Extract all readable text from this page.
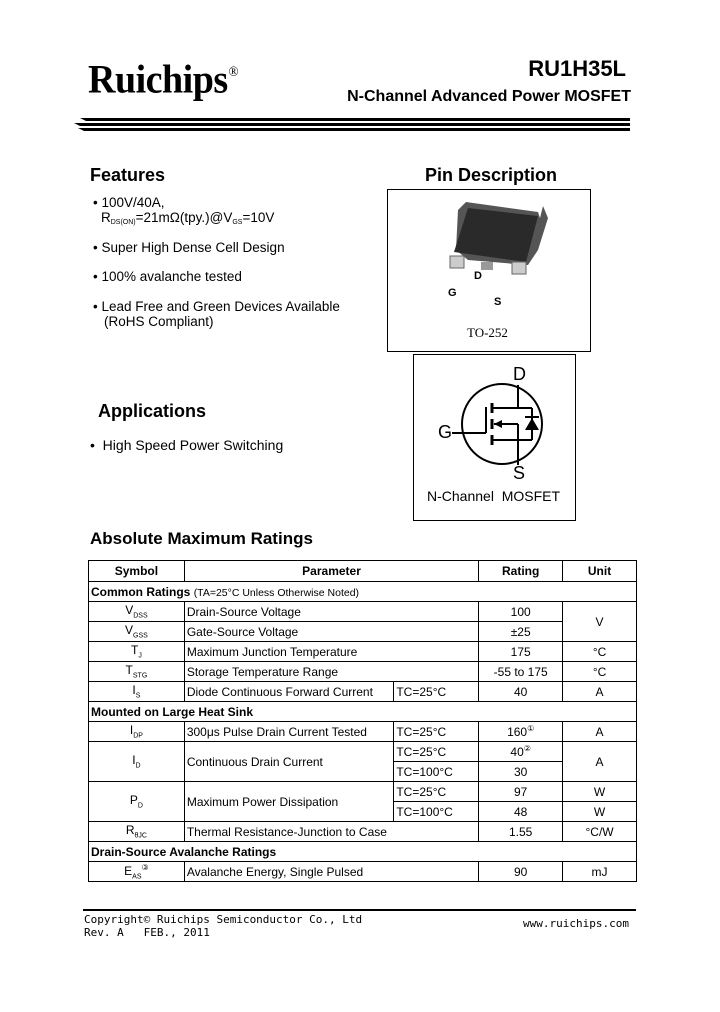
Ruichips®	RU1H35L
N-Channel Advanced Power MOSFET
Features
• 100V/40A,
$R_{DS(ON)}=21m\Omega(tpy.)@V_{GS}=10V$
• Super High Dense Cell Design
• 100% avalanche tested
• Lead Free and Green Devices Available
(RoHS Compliant)
Pin Description
D
G
S
TO-252
D
G
S
N-Channel  MOSFET
Applications
•  High Speed Power Switching
Absolute Maximum Ratings
Symbol	Parameter		Rating	Unit
Common Ratings (TA=25°C Unless Otherwise Noted)				
$V_{DSS}$	Drain-Source Voltage		100	V
$V_{GSS}$	Gate-Source Voltage		±25	
$T_J$	Maximum Junction Temperature		175	°C
$T_{STG}$	Storage Temperature Range		-55 to 175	°C
$I_S$	Diode Continuous Forward Current	TC=25°C	40	A
Mounted on Large Heat Sink				
$I_{DP}$	300μs Pulse Drain Current Tested	TC=25°C	160①	A
$I_D$	Continuous Drain Current	TC=25°C	40②	A
		TC=100°C	30	
$P_D$	Maximum Power Dissipation	TC=25°C	97	W
		TC=100°C	48	W
$R_{\theta JC}$	Thermal Resistance-Junction to Case		1.55	°C/W
Drain-Source Avalanche Ratings				
$E_{AS}^③$	Avalanche Energy, Single Pulsed		90	mJ
Copyright© Ruichips Semiconductor Co., Ltd
Rev. A   FEB., 2011
www.ruichips.com
